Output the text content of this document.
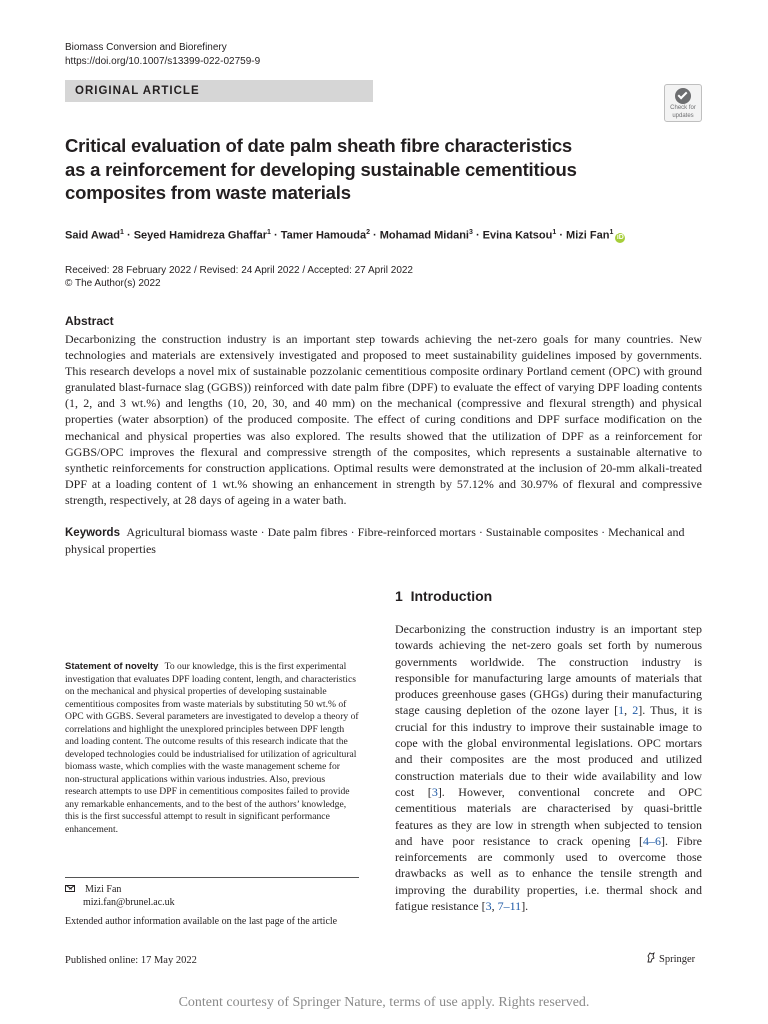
Biomass Conversion and Biorefinery
https://doi.org/10.1007/s13399-022-02759-9
ORIGINAL ARTICLE
Check for
updates
Critical evaluation of date palm sheath fibre characteristics as a reinforcement for developing sustainable cementitious composites from waste materials
Said Awad$^1$ · Seyed Hamidreza Ghaffar$^1$ · Tamer Hamouda$^2$ · Mohamad Midani$^3$ · Evina Katsou$^1$ · Mizi Fan$^1$iD
Received: 28 February 2022 / Revised: 24 April 2022 / Accepted: 27 April 2022
© The Author(s) 2022
Abstract
Decarbonizing the construction industry is an important step towards achieving the net-zero goals for many countries. New technologies and materials are extensively investigated and proposed to meet sustainability guidelines imposed by governments. This research develops a novel mix of sustainable pozzolanic cementitious composite ordinary Portland cement (OPC) with ground granulated blast-furnace slag (GGBS)) reinforced with date palm fibre (DPF) to evaluate the effect of varying DPF loading contents (1, 2, and 3 wt.%) and lengths (10, 20, 30, and 40 mm) on the mechanical (compressive and flexural strength) and physical properties (water absorption) of the produced composite. The effect of curing conditions and DPF surface modification on the mechanical and physical properties was also explored. The results showed that the utilization of DPF as a reinforcement for GGBS/OPC improves the flexural and compressive strength of the composites, which represents a sustainable alternative to synthetic reinforcements for construction applications. Optimal results were demonstrated at the inclusion of 20-mm alkali-treated DPF at a loading content of 1 wt.% showing an enhancement in strength by 57.12% and 30.97% of flexural and compressive strength, respectively, at 28 days of ageing in a water bath.
Keywords Agricultural biomass waste · Date palm fibres · Fibre-reinforced mortars · Sustainable composites · Mechanical and physical properties
Statement of novelty To our knowledge, this is the first experimental investigation that evaluates DPF loading content, length, and characteristics on the mechanical and physical properties of developing sustainable cementitious composites from waste materials by substituting 50 wt.% of OPC with GGBS. Several parameters are investigated to develop a theory of correlations and highlight the unexplored principles between DPF length and loading content. The outcome results of this research indicate that the developed technologies could be industrialised for utilization of agricultural biomass waste, which complies with the waste management scheme for non-structural applications within various industries. Also, previous research attempts to use DPF in cementitious composites failed to provide any remarkable enhancements, and to the best of the authors’ knowledge, this is the first successful attempt to result in significant performance enhancement.
Mizi Fan
mizi.fan@brunel.ac.uk
Extended author information available on the last page of the article
1 Introduction
Decarbonizing the construction industry is an important step towards achieving the net-zero goals set forth by numerous governments worldwide. The construction industry is responsible for manufacturing large amounts of materials that produces greenhouse gases (GHGs) during their manufacturing stage causing depletion of the ozone layer [1, 2]. Thus, it is crucial for this industry to improve their sustainable image to cope with the global environmental legislations. OPC mortars and their composites are the most produced and utilized construction materials due to their wide availability and low cost [3]. However, conventional concrete and OPC cementitious materials are characterised by quasi-brittle features as they are low in strength when subjected to tension and have poor resistance to crack opening [4–6]. Fibre reinforcements are commonly used to overcome those drawbacks as well as to enhance the tensile strength and improving the durability properties, i.e. thermal shock and fatigue resistance [3, 7–11].
Published online: 17 May 2022	Springer
Content courtesy of Springer Nature, terms of use apply. Rights reserved.
